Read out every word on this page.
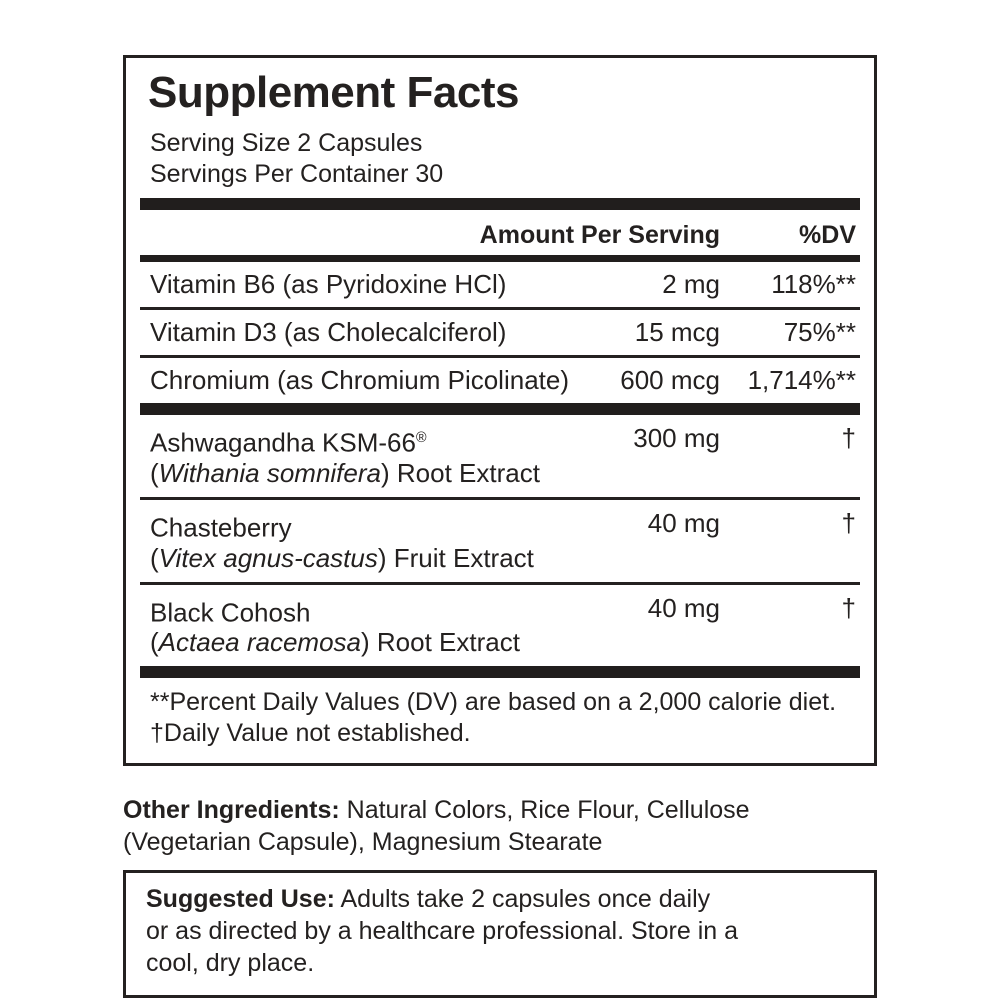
Supplement Facts

Serving Size 2 Capsules

Servings Per Container 30

Amount Per Serving	%DV
Vitamin B6 (as Pyridoxine HCl)	2 mg	118%**
Vitamin D3 (as Cholecalciferol)	15 mcg	75%**
Chromium (as Chromium Picolinate)	600 mcg	1,714%**
Ashwagandha KSM-66®
(Withania somnifera) Root Extract
300 mg	†
Chasteberry
(Vitex agnus-castus) Fruit Extract
40 mg	†
Black Cohosh
(Actaea racemosa) Root Extract
40 mg	†
**Percent Daily Values (DV) are based on a 2,000 calorie diet.
†Daily Value not established.

Other Ingredients: Natural Colors, Rice Flour, Cellulose
(Vegetarian Capsule), Magnesium Stearate

Suggested Use: Adults take 2 capsules once daily
or as directed by a healthcare professional. Store in a
cool, dry place.
